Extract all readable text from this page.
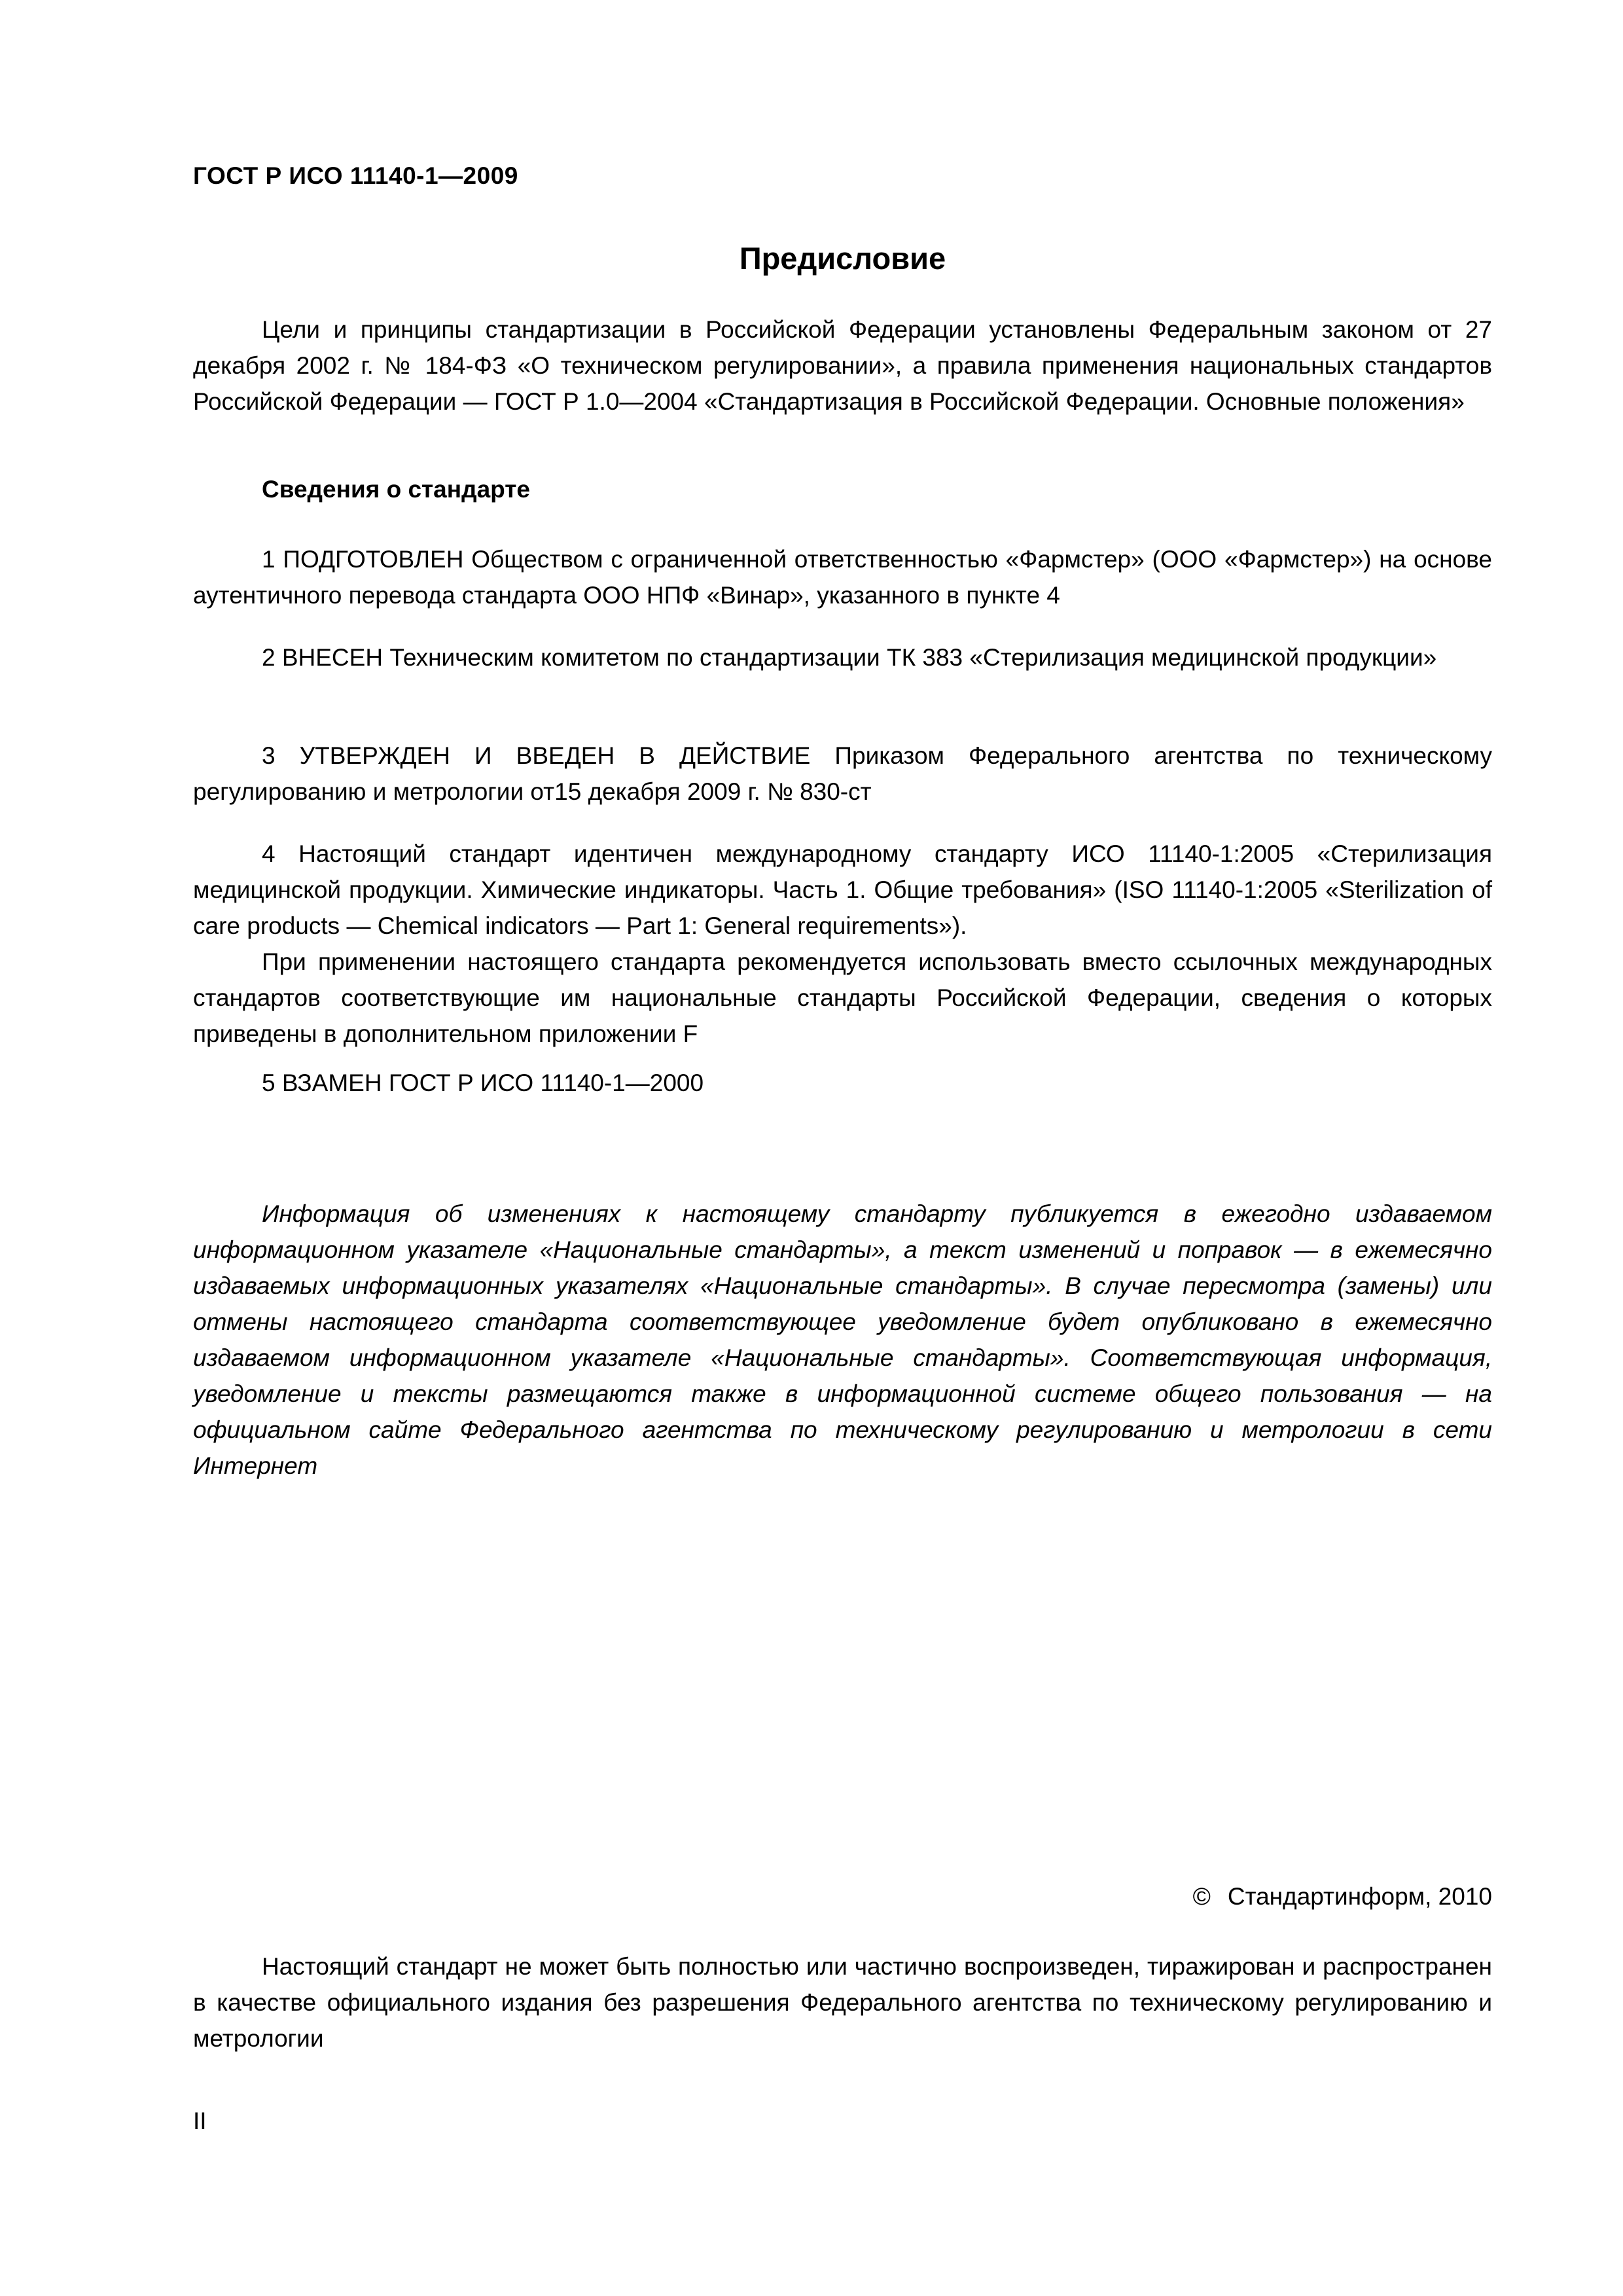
ГОСТ Р ИСО 11140-1—2009
Предисловие

Цели и принципы стандартизации в Российской Федерации установлены Федеральным законом от 27 декабря 2002 г. № 184-ФЗ «О техническом регулировании», а правила применения национальных стандартов Российской Федерации — ГОСТ Р 1.0—2004 «Стандартизация в Российской Федерации. Основные положения»

Сведения о стандарте

1 ПОДГОТОВЛЕН Обществом с ограниченной ответственностью «Фармстер» (ООО «Фармстер») на основе аутентичного перевода стандарта ООО НПФ «Винар», указанного в пункте 4

2 ВНЕСЕН Техническим комитетом по стандартизации ТК 383 «Стерилизация медицинской продукции»

3 УТВЕРЖДЕН И ВВЕДЕН В ДЕЙСТВИЕ Приказом Федерального агентства по техническому регулированию и метрологии от15 декабря 2009 г. № 830-ст

4 Настоящий стандарт идентичен международному стандарту ИСО 11140-1:2005 «Стерилизация медицинской продукции. Химические индикаторы. Часть 1. Общие требования» (ISO 11140-1:2005 «Sterilization of care products — Chemical indicators — Part 1: General requirements»).

При применении настоящего стандарта рекомендуется использовать вместо ссылочных международных стандартов соответствующие им национальные стандарты Российской Федерации, сведения о которых приведены в дополнительном приложении F

5 ВЗАМЕН ГОСТ Р ИСО 11140-1—2000

Информация об изменениях к настоящему стандарту публикуется в ежегодно издаваемом информационном указателе «Национальные стандарты», а текст изменений и поправок — в ежемесячно издаваемых информационных указателях «Национальные стандарты». В случае пересмотра (замены) или отмены настоящего стандарта соответствующее уведомление будет опубликовано в ежемесячно издаваемом информационном указателе «Национальные стандарты». Соответствующая информация, уведомление и тексты размещаются также в информационной системе общего пользования — на официальном сайте Федерального агентства по техническому регулированию и метрологии в сети Интернет

© Стандартинформ, 2010

Настоящий стандарт не может быть полностью или частично воспроизведен, тиражирован и распространен в качестве официального издания без разрешения Федерального агентства по техническому регулированию и метрологии

II
